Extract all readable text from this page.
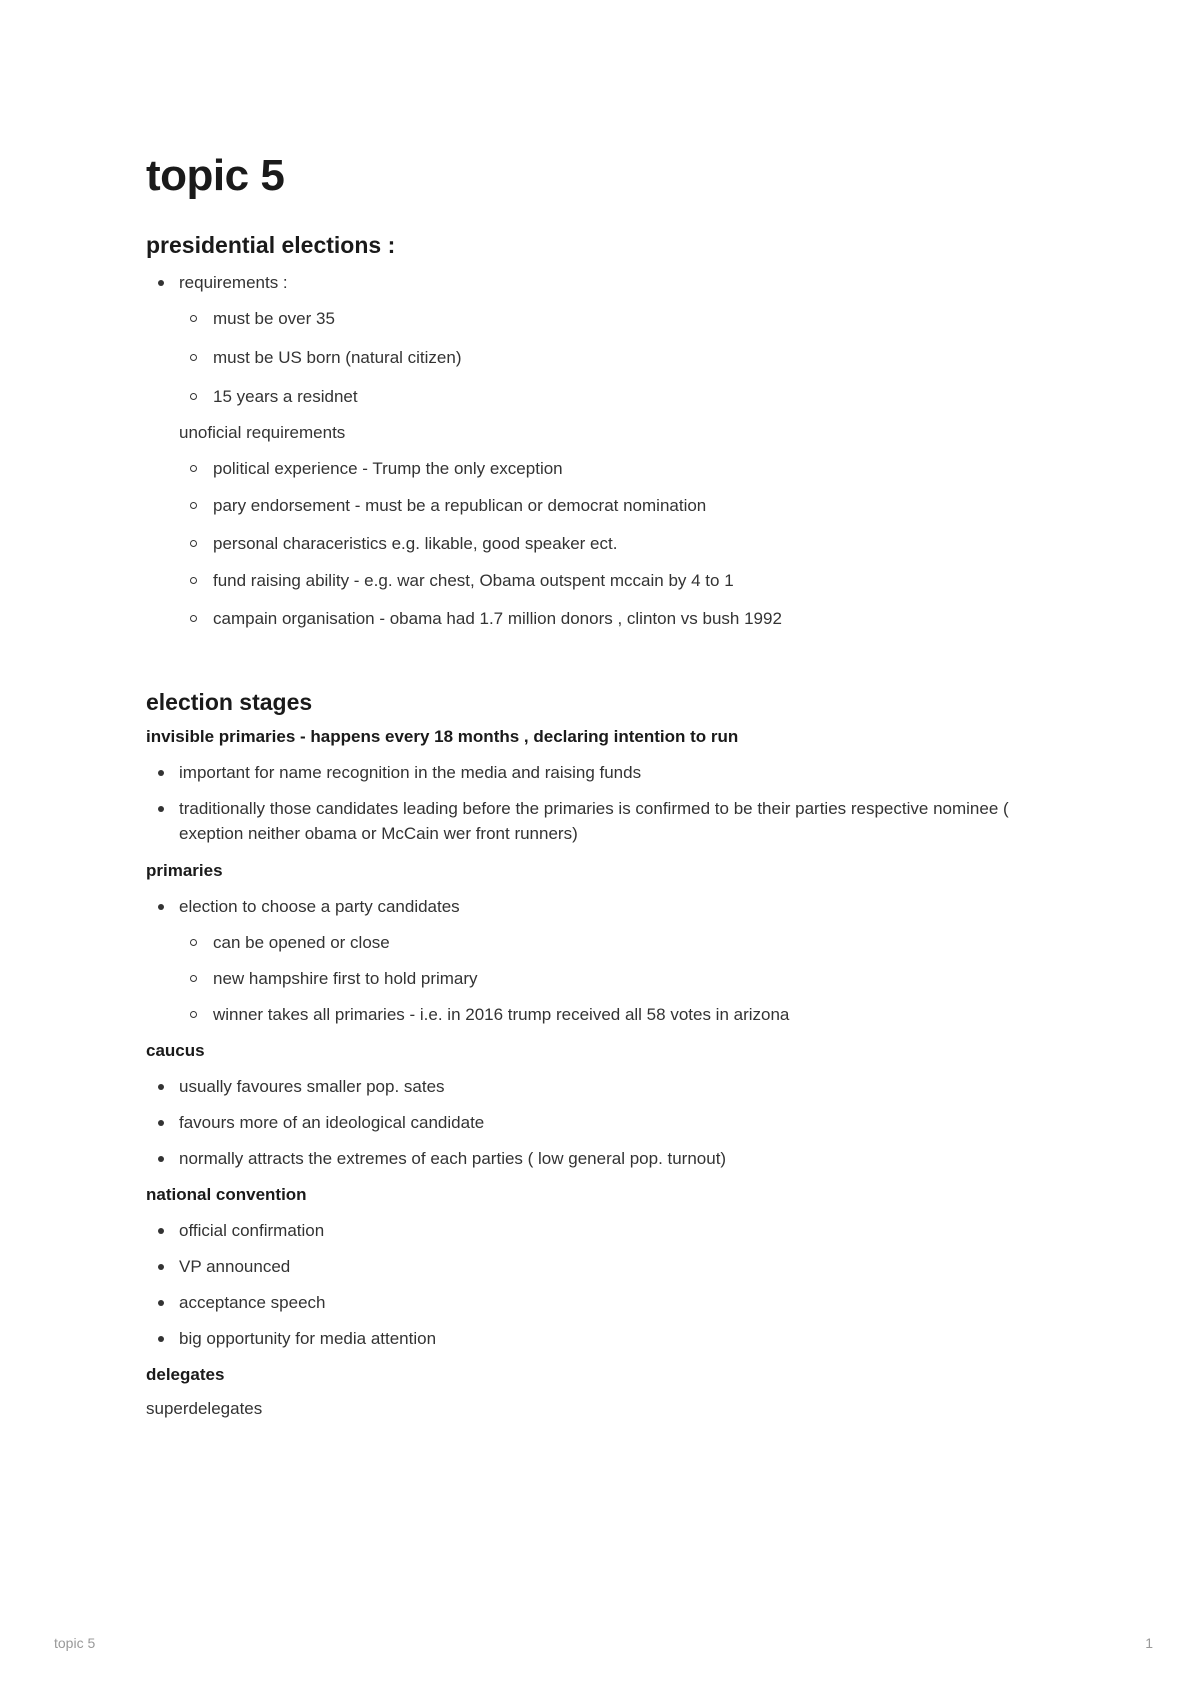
topic 5
presidential elections :
requirements :
must be over 35
must be US born (natural citizen)
15 years a residnet

unoficial requirements

political experience - Trump the only exception
pary endorsement - must be a republican or democrat nomination
personal characeristics e.g. likable, good speaker ect.
fund raising ability - e.g. war chest, Obama outspent mccain by 4 to 1
campain organisation - obama had 1.7 million donors , clinton vs bush 1992
election stages

invisible primaries - happens every 18 months , declaring intention to run

important for name recognition in the media and raising funds
traditionally those candidates leading before the primaries is confirmed to be their parties respective nominee ( exeption neither obama or McCain wer front runners)

primaries

election to choose a party candidates
can be opened or close
new hampshire first to hold primary
winner takes all primaries - i.e. in 2016 trump received all 58 votes in arizona

caucus

usually favoures smaller pop. sates
favours more of an ideological candidate
normally attracts the extremes of each parties ( low general pop. turnout)

national convention

official confirmation
VP announced
acceptance speech
big opportunity for media attention

delegates

superdelegates

topic 5	1
